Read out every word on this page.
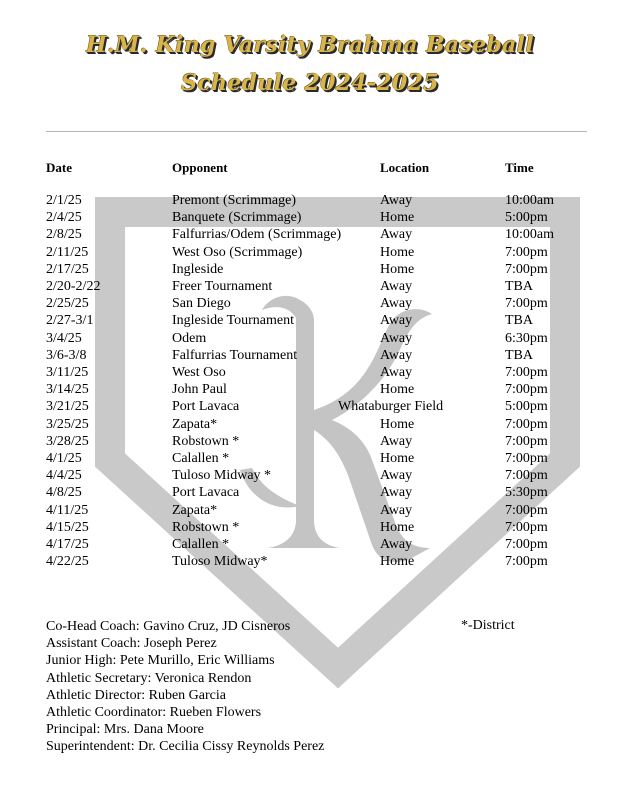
H.M. King Varsity Brahma Baseball
Schedule 2024-2025
Date	Opponent	Location	Time
2/1/25	Premont (Scrimmage)	Away	10:00am
2/4/25	Banquete (Scrimmage)	Home	5:00pm
2/8/25	Falfurrias/Odem (Scrimmage)	Away	10:00am
2/11/25	West Oso (Scrimmage)	Home	7:00pm
2/17/25	Ingleside	Home	7:00pm
2/20-2/22	Freer Tournament	Away	TBA
2/25/25	San Diego	Away	7:00pm
2/27-3/1	Ingleside Tournament	Away	TBA
3/4/25	Odem	Away	6:30pm
3/6-3/8	Falfurrias Tournament	Away	TBA
3/11/25	West Oso	Away	7:00pm
3/14/25	John Paul	Home	7:00pm
3/21/25	Port Lavaca	Whataburger Field	5:00pm
3/25/25	Zapata*	Home	7:00pm
3/28/25	Robstown *	Away	7:00pm
4/1/25	Calallen *	Home	7:00pm
4/4/25	Tuloso Midway *	Away	7:00pm
4/8/25	Port Lavaca	Away	5:30pm
4/11/25	Zapata*	Away	7:00pm
4/15/25	Robstown *	Home	7:00pm
4/17/25	Calallen *	Away	7:00pm
4/22/25	Tuloso Midway*	Home	7:00pm
Co-Head Coach: Gavino Cruz, JD Cisneros
Assistant Coach: Joseph Perez
Junior High: Pete Murillo, Eric Williams
Athletic Secretary: Veronica Rendon
Athletic Director: Ruben Garcia
Athletic Coordinator: Rueben Flowers
Principal: Mrs. Dana Moore
Superintendent: Dr. Cecilia Cissy Reynolds Perez
*-District
